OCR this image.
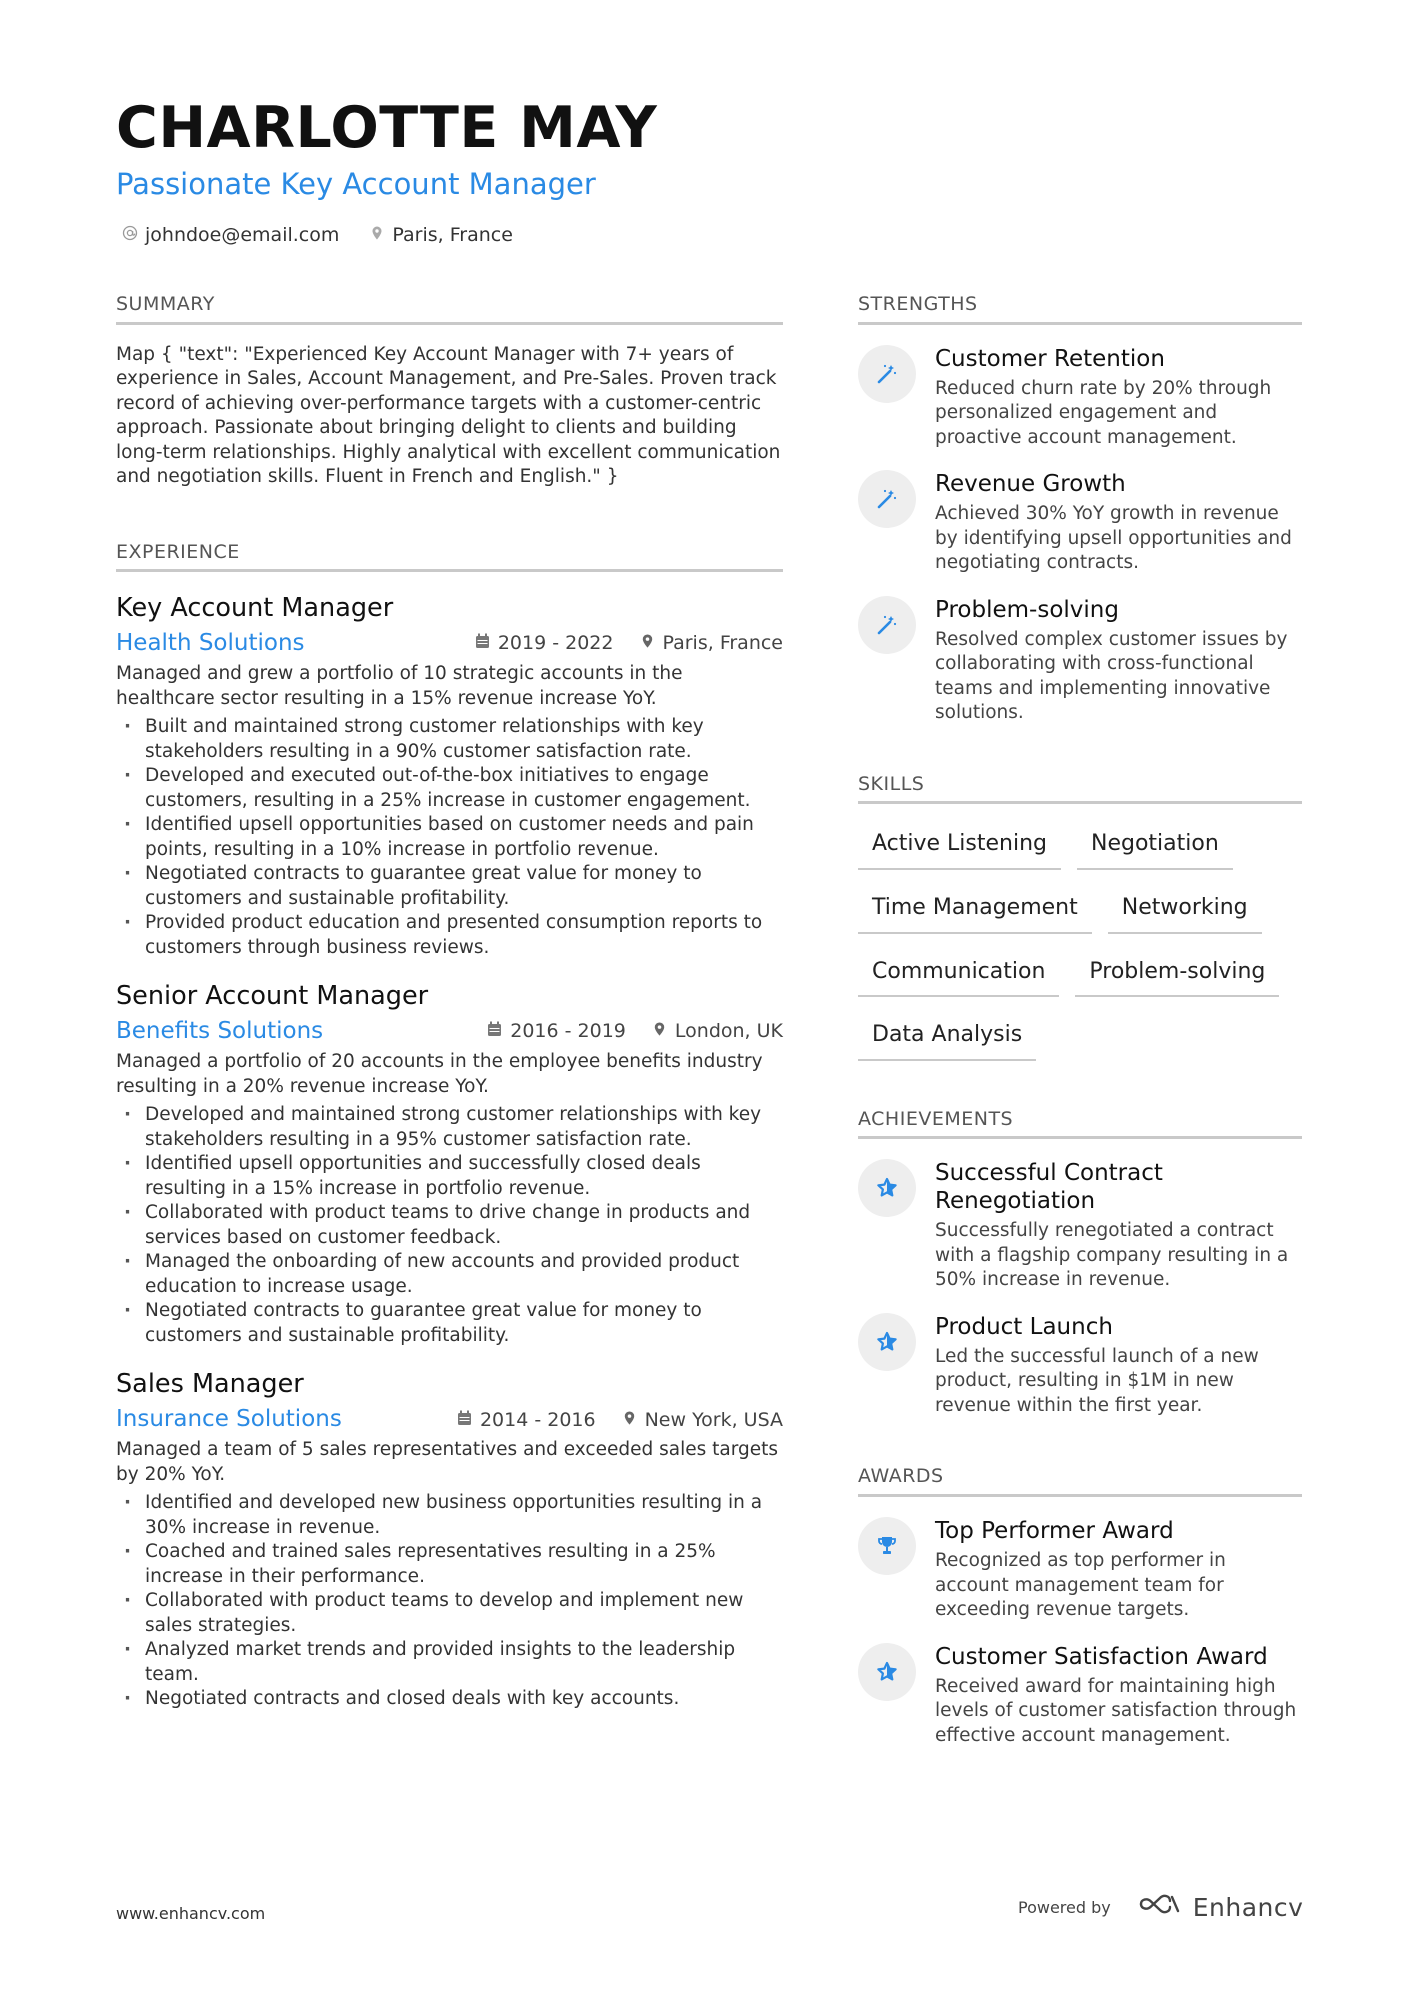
CHARLOTTE MAY
Passionate Key Account Manager
johndoe@email.com	Paris, France
SUMMARY

Map { "text": "Experienced Key Account Manager with 7+ years of experience in Sales, Account Management, and Pre-Sales. Proven track record of achieving over-performance targets with a customer-centric approach. Passionate about bringing delight to clients and building long-term relationships. Highly analytical with excellent communication and negotiation skills. Fluent in French and English." }

EXPERIENCE
Key Account Manager
Health Solutions	2019 - 2022	Paris, France

Managed and grew a portfolio of 10 strategic accounts in the healthcare sector resulting in a 15% revenue increase YoY.

· Built and maintained strong customer relationships with key stakeholders resulting in a 90% customer satisfaction rate.
· Developed and executed out-of-the-box initiatives to engage customers, resulting in a 25% increase in customer engagement.
· Identified upsell opportunities based on customer needs and pain points, resulting in a 10% increase in portfolio revenue.
· Negotiated contracts to guarantee great value for money to customers and sustainable profitability.
· Provided product education and presented consumption reports to customers through business reviews.
Senior Account Manager
Benefits Solutions	2016 - 2019	London, UK

Managed a portfolio of 20 accounts in the employee benefits industry resulting in a 20% revenue increase YoY.

· Developed and maintained strong customer relationships with key stakeholders resulting in a 95% customer satisfaction rate.
· Identified upsell opportunities and successfully closed deals resulting in a 15% increase in portfolio revenue.
· Collaborated with product teams to drive change in products and services based on customer feedback.
· Managed the onboarding of new accounts and provided product education to increase usage.
· Negotiated contracts to guarantee great value for money to customers and sustainable profitability.
Sales Manager
Insurance Solutions	2014 - 2016	New York, USA

Managed a team of 5 sales representatives and exceeded sales targets by 20% YoY.

· Identified and developed new business opportunities resulting in a 30% increase in revenue.
· Coached and trained sales representatives resulting in a 25% increase in their performance.
· Collaborated with product teams to develop and implement new sales strategies.
· Analyzed market trends and provided insights to the leadership team.
· Negotiated contracts and closed deals with key accounts.
STRENGTHS
Customer Retention
Reduced churn rate by 20% through personalized engagement and proactive account management.
Revenue Growth
Achieved 30% YoY growth in revenue by identifying upsell opportunities and negotiating contracts.
Problem-solving
Resolved complex customer issues by collaborating with cross-functional teams and implementing innovative solutions.
SKILLS
Active Listening	Negotiation
Time Management	Networking
Communication	Problem-solving
Data Analysis
ACHIEVEMENTS
Successful Contract Renegotiation
Successfully renegotiated a contract with a flagship company resulting in a 50% increase in revenue.
Product Launch
Led the successful launch of a new product, resulting in $1M in new revenue within the first year.
AWARDS
Top Performer Award
Recognized as top performer in account management team for exceeding revenue targets.
Customer Satisfaction Award
Received award for maintaining high levels of customer satisfaction through effective account management.
www.enhancv.com	Powered by	Enhancv
